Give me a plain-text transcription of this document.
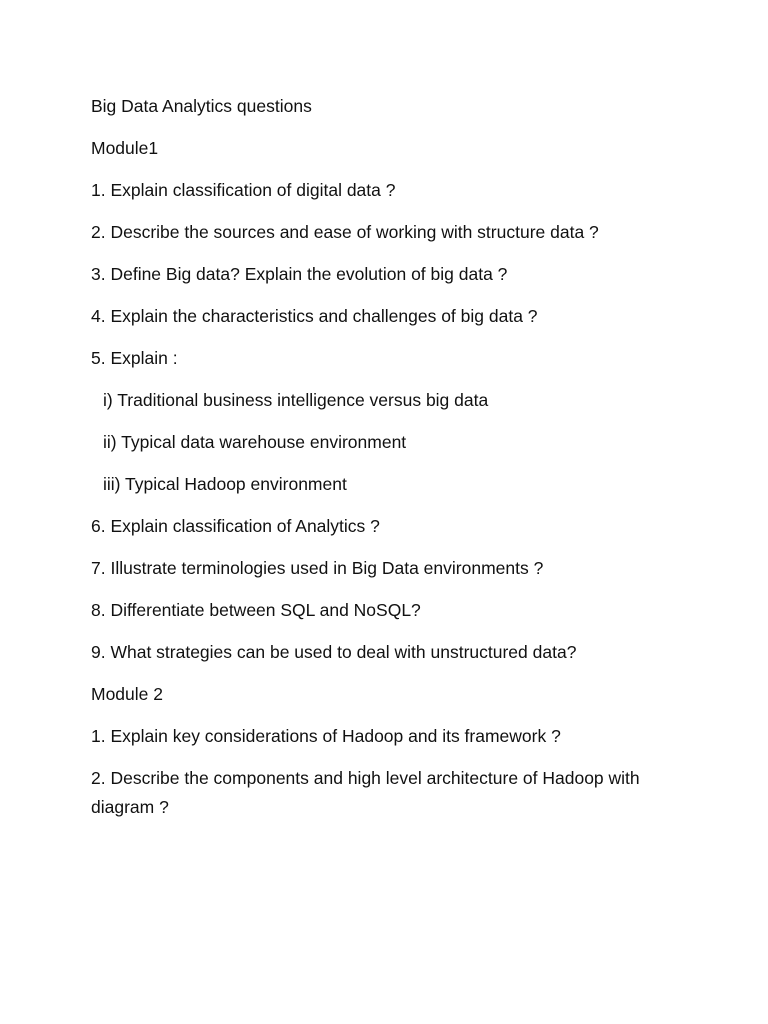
Big Data Analytics questions
Module1
1. Explain classification of digital data ?
2. Describe the sources and ease of working with structure data ?
3. Define Big data? Explain the evolution of big data ?
4. Explain the characteristics and challenges of big data ?
5. Explain :
i) Traditional business intelligence versus big data
ii) Typical data warehouse environment
iii) Typical Hadoop environment
6. Explain classification of Analytics ?
7. Illustrate terminologies used in Big Data environments ?
8. Differentiate between SQL and NoSQL?
9. What strategies can be used to deal with unstructured data?
Module 2
1. Explain key considerations of Hadoop and its framework ?
2. Describe the components and high level architecture of Hadoop with diagram ?
